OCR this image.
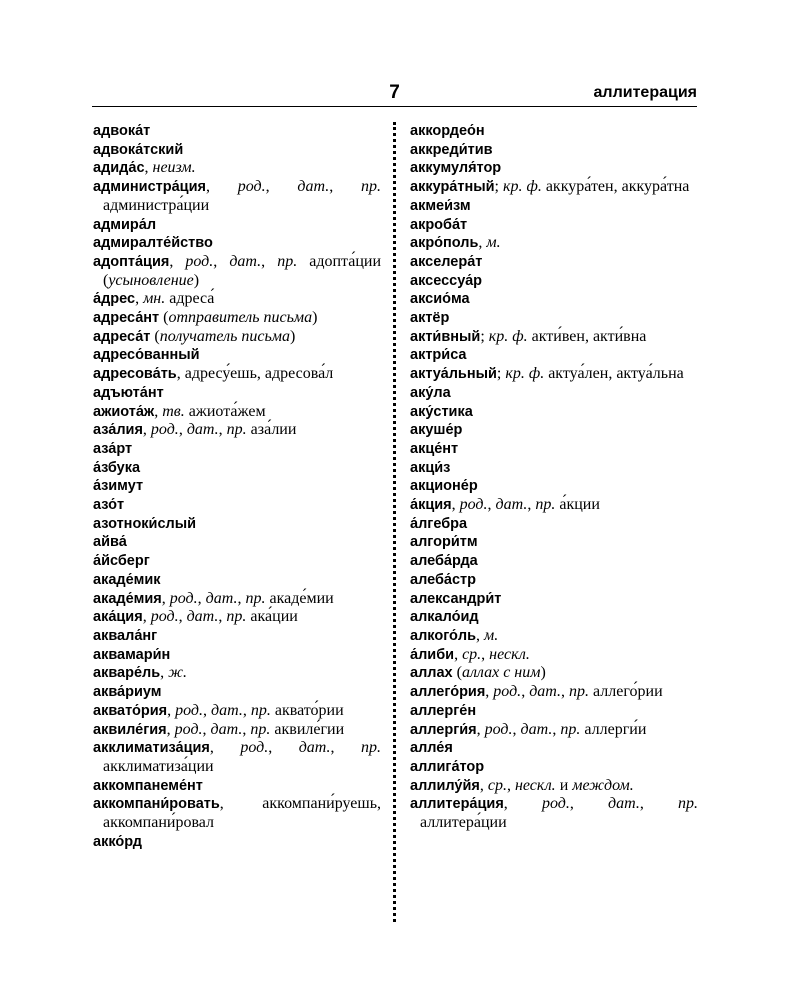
7	аллитерация
адвока́т
адвока́тский
адида́с, неизм.
администра́ция, род., дат., пр. администра́ции
адмира́л
адмиралте́йство
адопта́ция, род., дат., пр. адопта́ции (усыновление)
а́дрес, мн. адреса́
адреса́нт (отправитель письма)
адреса́т (получатель письма)
адресо́ванный
адресова́ть, адресу́ешь, адресова́л
адъюта́нт
ажиота́ж, тв. ажиота́жем
аза́лия, род., дат., пр. аза́лии
аза́рт
а́збука
а́зимут
азо́т
азотноки́слый
айва́
а́йсберг
акаде́мик
акаде́мия, род., дат., пр. акаде́мии
ака́ция, род., дат., пр. ака́ции
аквала́нг
аквамари́н
акваре́ль, ж.
аква́риум
аквато́рия, род., дат., пр. аквато́рии
аквиле́гия, род., дат., пр. аквиле́гии
акклиматиза́ция, род., дат., пр. акклиматиза́ции
аккомпанеме́нт
аккомпани́ровать, аккомпани́руешь, аккомпани́ровал
акко́рд
аккордео́н
аккреди́тив
аккумуля́тор
аккура́тный; кр. ф. аккура́тен, аккура́тна
акмеи́зм
акроба́т
акро́поль, м.
акселера́т
аксессуа́р
аксио́ма
актёр
акти́вный; кр. ф. акти́вен, акти́вна
актри́са
актуа́льный; кр. ф. актуа́лен, актуа́льна
аку́ла
аку́стика
акуше́р
акце́нт
акци́з
акционе́р
а́кция, род., дат., пр. а́кции
а́лгебра
алгори́тм
алеба́рда
алеба́стр
александри́т
алкало́ид
алкого́ль, м.
а́либи, ср., нескл.
аллах (аллах с ним)
аллего́рия, род., дат., пр. аллего́рии
аллерге́н
аллерги́я, род., дат., пр. аллерги́и
алле́я
аллига́тор
аллилу́йя, ср., нескл. и междом.
аллитера́ция, род., дат., пр. аллитера́ции
